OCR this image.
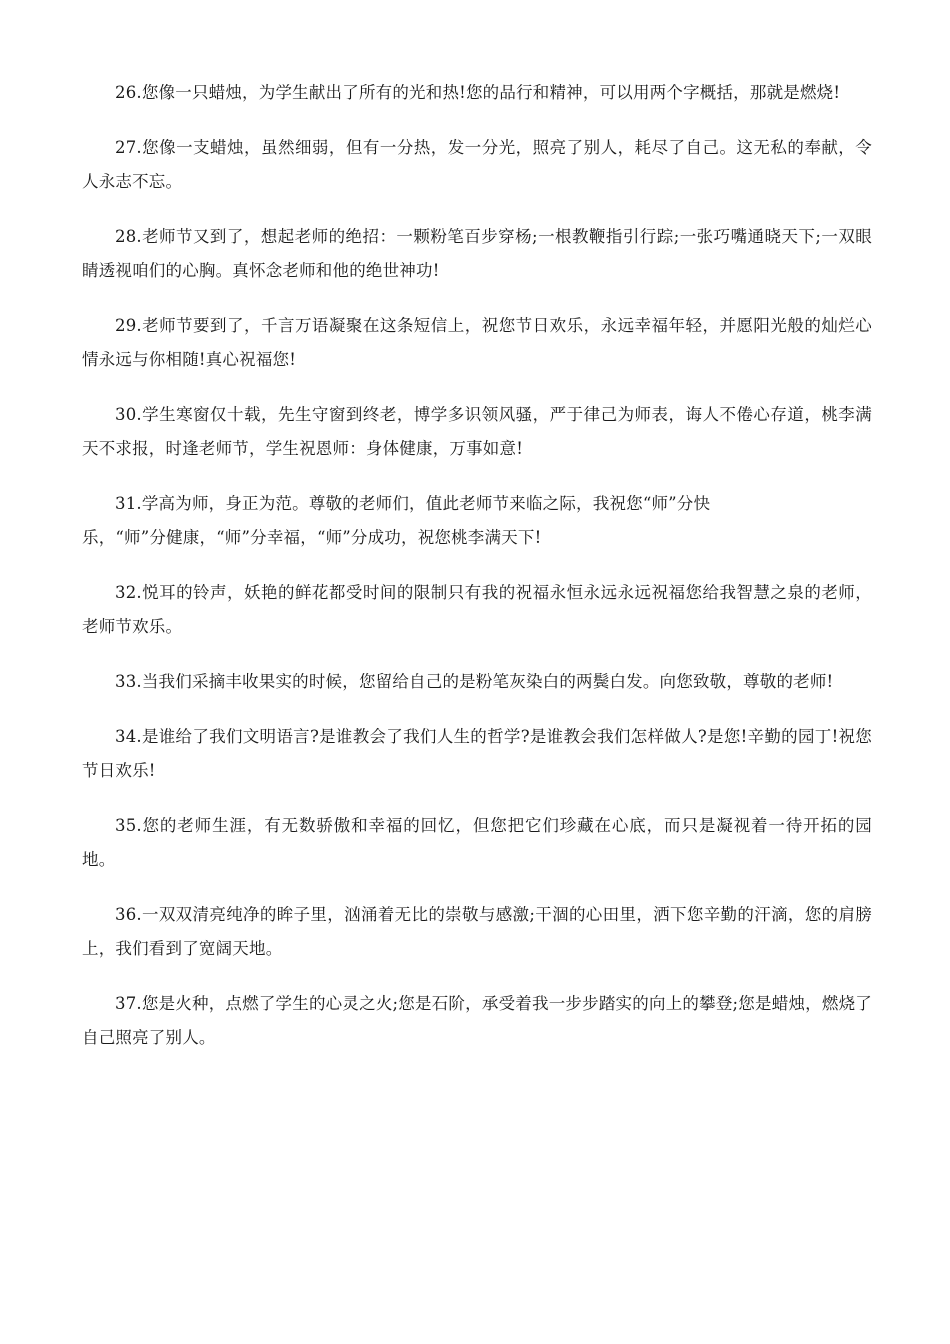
26.您像一只蜡烛，为学生献出了所有的光和热!您的品行和精神，可以用两个字概括，那就是燃烧!

27.您像一支蜡烛，虽然细弱，但有一分热，发一分光，照亮了别人，耗尽了自己。这无私的奉献，令人永志不忘。

28.老师节又到了，想起老师的绝招：一颗粉笔百步穿杨;一根教鞭指引行踪;一张巧嘴通晓天下;一双眼睛透视咱们的心胸。真怀念老师和他的绝世神功!

29.老师节要到了，千言万语凝聚在这条短信上，祝您节日欢乐，永远幸福年轻，并愿阳光般的灿烂心情永远与你相随!真心祝福您!

30.学生寒窗仅十载，先生守窗到终老，博学多识领风骚，严于律己为师表，诲人不倦心存道，桃李满天不求报，时逢老师节，学生祝恩师：身体健康，万事如意!

31.学高为师，身正为范。尊敬的老师们，值此老师节来临之际，我祝您“师”分快
乐，“师”分健康，“师”分幸福，“师”分成功，祝您桃李满天下!

32.悦耳的铃声，妖艳的鲜花都受时间的限制只有我的祝福永恒永远永远祝福您给我智慧之泉的老师，老师节欢乐。

33.当我们采摘丰收果实的时候，您留给自己的是粉笔灰染白的两鬓白发。向您致敬，尊敬的老师!

34.是谁给了我们文明语言?是谁教会了我们人生的哲学?是谁教会我们怎样做人?是您!辛勤的园丁!祝您节日欢乐!

35.您的老师生涯，有无数骄傲和幸福的回忆，但您把它们珍藏在心底，而只是凝视着一待开拓的园地。

36.一双双清亮纯净的眸子里，汹涌着无比的崇敬与感激;干涸的心田里，洒下您辛勤的汗滴，您的肩膀上，我们看到了宽阔天地。

37.您是火种，点燃了学生的心灵之火;您是石阶，承受着我一步步踏实的向上的攀登;您是蜡烛，燃烧了自己照亮了别人。
